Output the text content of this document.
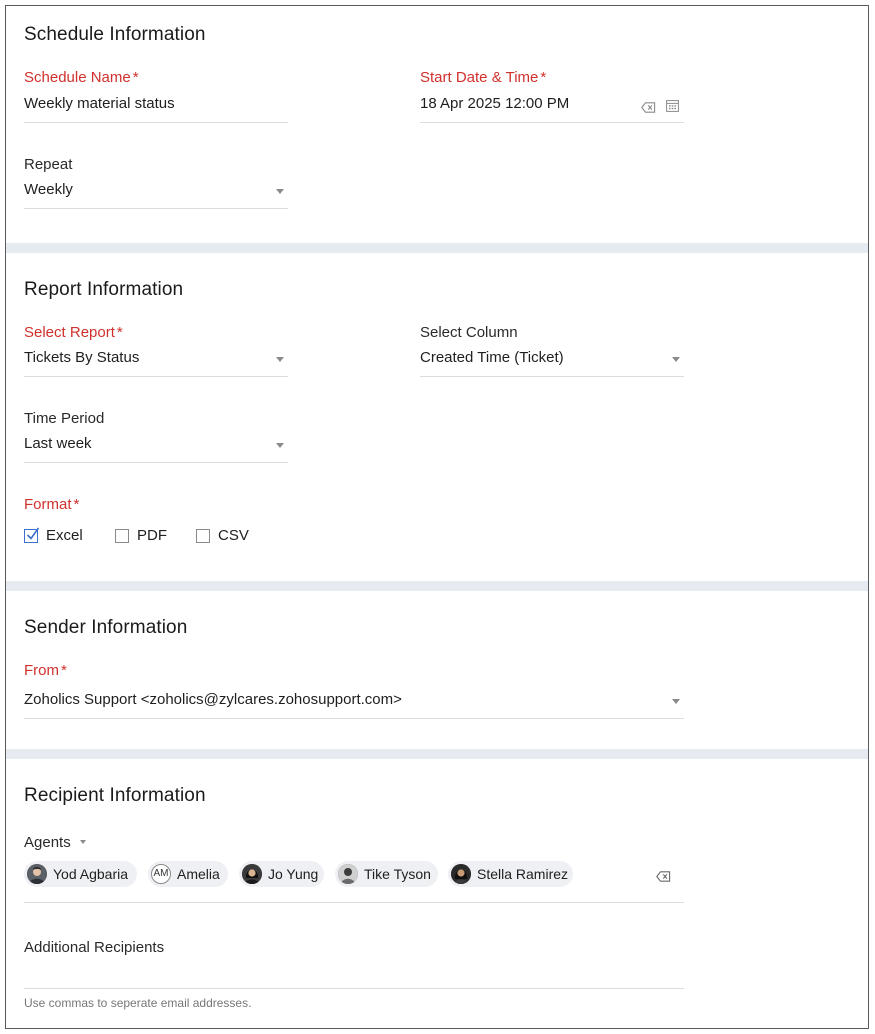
Schedule Information
Schedule Name *
Weekly material status
Start Date & Time *
18 Apr 2025 12:00 PM
Repeat
Weekly
Report Information
Select Report *
Tickets By Status
Select Column
Created Time (Ticket)
Time Period
Last week
Format *
Excel	PDF	CSV
Sender Information
From *
Zoholics Support <zoholics@zylcares.zohosupport.com>
Recipient Information
Agents
Yod Agbaria	AM Amelia	Jo Yung	Tike Tyson	Stella Ramirez
Additional Recipients
Use commas to seperate email addresses.
